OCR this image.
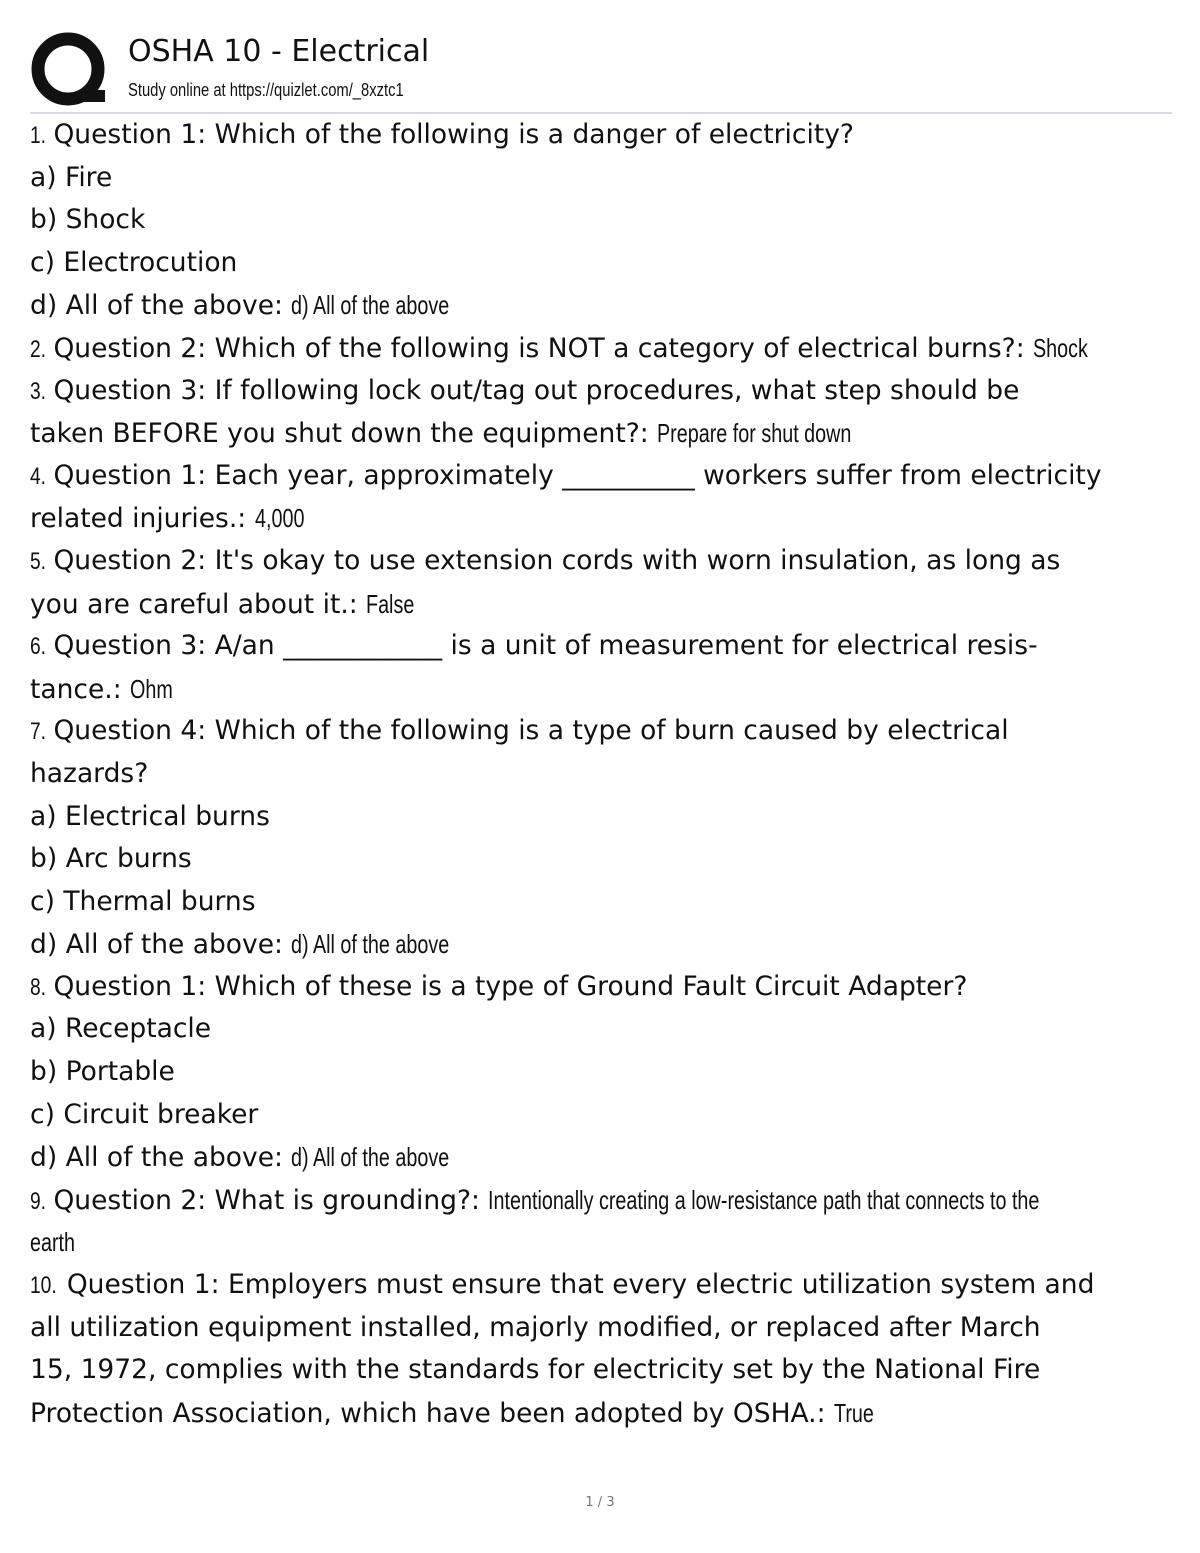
OSHA 10 - Electrical
Study online at https://quizlet.com/_8xztc1
1. Question 1: Which of the following is a danger of electricity?
a) Fire
b) Shock
c) Electrocution
d) All of the above: d) All of the above
2. Question 2: Which of the following is NOT a category of electrical burns?: Shock
3. Question 3: If following lock out/tag out procedures, what step should be
taken BEFORE you shut down the equipment?: Prepare for shut down
4. Question 1: Each year, approximately __________ workers suffer from electricity
related injuries.: 4,000
5. Question 2: It's okay to use extension cords with worn insulation, as long as
you are careful about it.: False
6. Question 3: A/an ____________ is a unit of measurement for electrical resis-
tance.: Ohm
7. Question 4: Which of the following is a type of burn caused by electrical
hazards?
a) Electrical burns
b) Arc burns
c) Thermal burns
d) All of the above: d) All of the above
8. Question 1: Which of these is a type of Ground Fault Circuit Adapter?
a) Receptacle
b) Portable
c) Circuit breaker
d) All of the above: d) All of the above
9. Question 2: What is grounding?: Intentionally creating a low-resistance path that connects to the
earth
10. Question 1: Employers must ensure that every electric utilization system and
all utilization equipment installed, majorly modified, or replaced after March
15, 1972, complies with the standards for electricity set by the National Fire
Protection Association, which have been adopted by OSHA.: True
1 / 3
